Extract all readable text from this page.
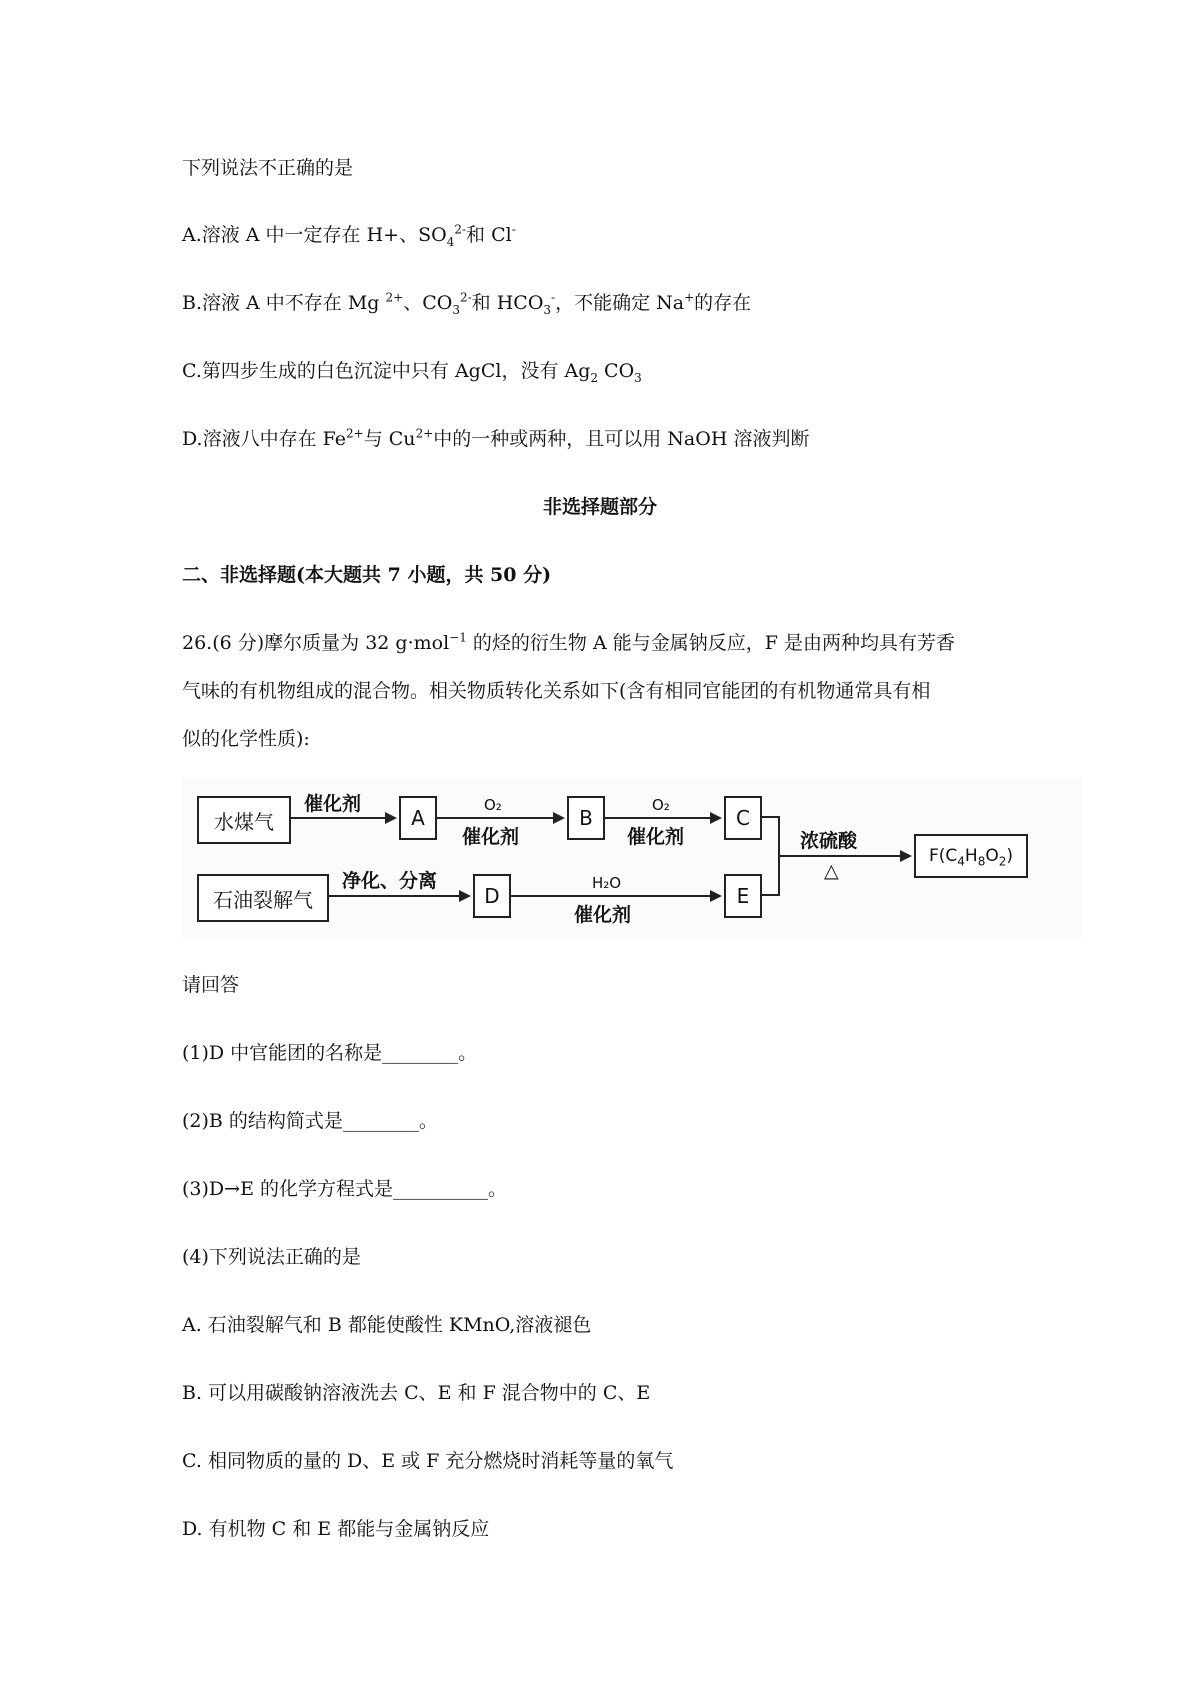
下列说法不正确的是
A.溶液 A 中一定存在 H+、$SO_4^{2-}$和 Cl-
B.溶液 A 中不存在 Mg $^{2+}$、$CO_3^{2-}$和 $HCO_3^-$，不能确定 Na+的存在
C.第四步生成的白色沉淀中只有 AgCl，没有 $Ag_2$ $CO_3$
D.溶液八中存在 $Fe^{2+}$与 $Cu^{2+}$中的一种或两种，且可以用 NaOH 溶液判断
非选择题部分
二、非选择题(本大题共 7 小题，共 50 分)
26.(6 分)摩尔质量为 32 g·mol$^{-1}$ 的烃的衍生物 A 能与金属钠反应，F 是由两种均具有芳香
气味的有机物组成的混合物。相关物质转化关系如下(含有相同官能团的有机物通常具有相
似的化学性质):
水煤气
催化剂
A
O₂
催化剂
B
O₂
催化剂
C
石油裂解气
净化、分离
D
H₂O
催化剂
E
浓硫酸
△
$F(C_4H_8O_2)$
请回答
(1)D 中官能团的名称是________。
(2)B 的结构简式是________。
(3)D→E 的化学方程式是__________。
(4)下列说法正确的是
A. 石油裂解气和 B 都能使酸性 KMnO,溶液褪色
B. 可以用碳酸钠溶液洗去 C、E 和 F 混合物中的 C、E
C. 相同物质的量的 D、E 或 F 充分燃烧时消耗等量的氧气
D. 有机物 C 和 E 都能与金属钠反应
